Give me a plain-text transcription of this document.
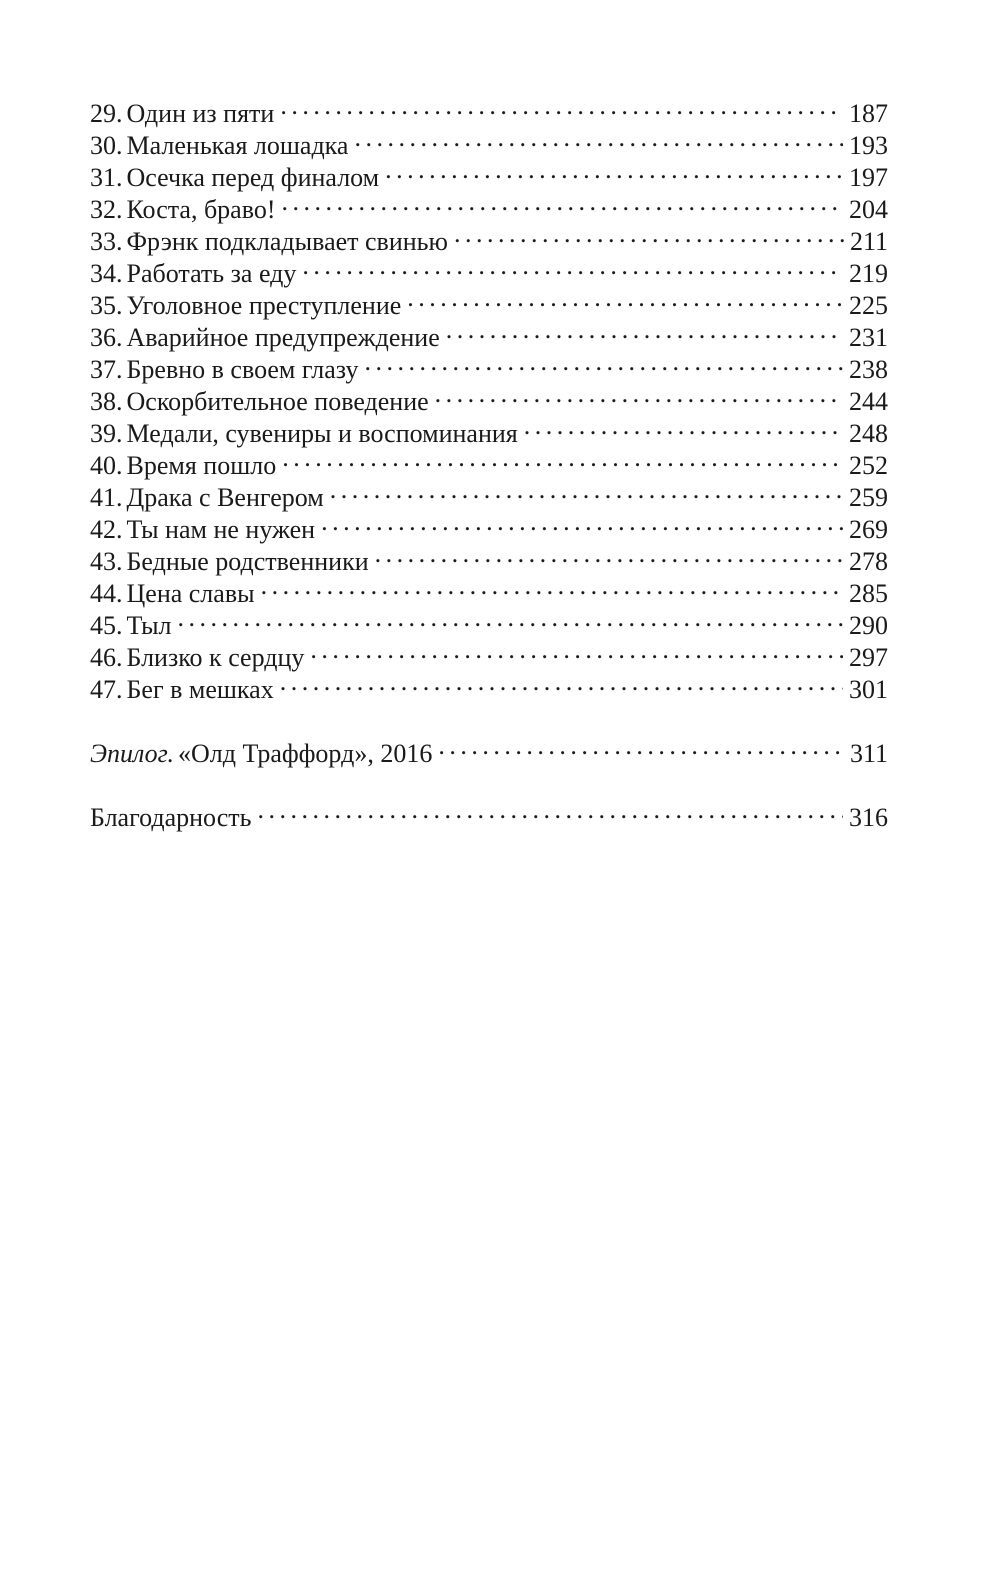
29. Один из пяти . . .	187
30. Маленькая лошадка . . .	193
31. Осечка перед финалом . . .	197
32. Коста, браво! . . .	204
33. Фрэнк подкладывает свинью . . .	211
34. Работать за еду . . .	219
35. Уголовное преступление . . .	225
36. Аварийное предупреждение . . .	231
37. Бревно в своем глазу . . .	238
38. Оскорбительное поведение . . .	244
39. Медали, сувениры и воспоминания . . .	248
40. Время пошло . . .	252
41. Драка с Венгером . . .	259
42. Ты нам не нужен . . .	269
43. Бедные родственники . . .	278
44. Цена славы . . .	285
45. Тыл . . .	290
46. Близко к сердцу . . .	297
47. Бег в мешках . . .	301
Эпилог. «Олд Траффорд», 2016 . . .	311
Благодарность . . .	316
